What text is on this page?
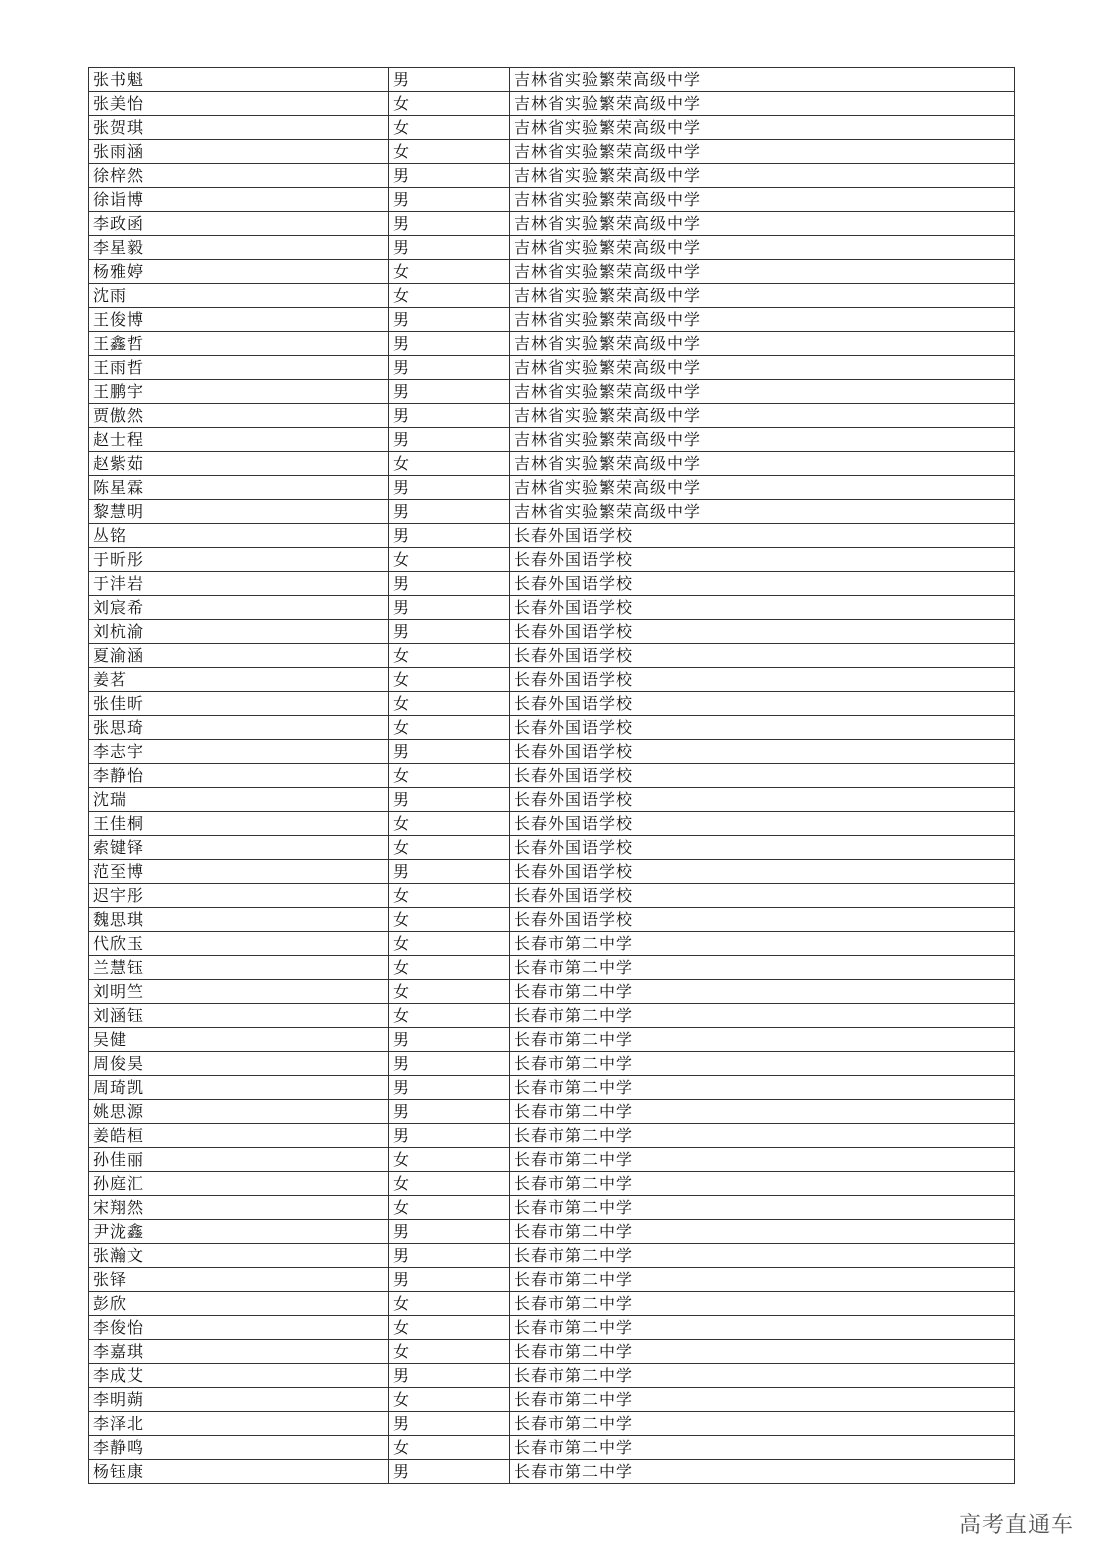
张书魁	男	吉林省实验繁荣高级中学
张美怡	女	吉林省实验繁荣高级中学
张贺琪	女	吉林省实验繁荣高级中学
张雨涵	女	吉林省实验繁荣高级中学
徐梓然	男	吉林省实验繁荣高级中学
徐诣博	男	吉林省实验繁荣高级中学
李政函	男	吉林省实验繁荣高级中学
李星毅	男	吉林省实验繁荣高级中学
杨雅婷	女	吉林省实验繁荣高级中学
沈雨	女	吉林省实验繁荣高级中学
王俊博	男	吉林省实验繁荣高级中学
王鑫哲	男	吉林省实验繁荣高级中学
王雨哲	男	吉林省实验繁荣高级中学
王鹏宇	男	吉林省实验繁荣高级中学
贾傲然	男	吉林省实验繁荣高级中学
赵士程	男	吉林省实验繁荣高级中学
赵紫茹	女	吉林省实验繁荣高级中学
陈星霖	男	吉林省实验繁荣高级中学
黎慧明	男	吉林省实验繁荣高级中学
丛铭	男	长春外国语学校
于昕彤	女	长春外国语学校
于沣岩	男	长春外国语学校
刘宸希	男	长春外国语学校
刘杭渝	男	长春外国语学校
夏渝涵	女	长春外国语学校
姜茗	女	长春外国语学校
张佳昕	女	长春外国语学校
张思琦	女	长春外国语学校
李志宇	男	长春外国语学校
李静怡	女	长春外国语学校
沈瑞	男	长春外国语学校
王佳桐	女	长春外国语学校
索键铎	女	长春外国语学校
范至博	男	长春外国语学校
迟宇彤	女	长春外国语学校
魏思琪	女	长春外国语学校
代欣玉	女	长春市第二中学
兰慧钰	女	长春市第二中学
刘明竺	女	长春市第二中学
刘涵钰	女	长春市第二中学
吴健	男	长春市第二中学
周俊昊	男	长春市第二中学
周琦凯	男	长春市第二中学
姚思源	男	长春市第二中学
姜皓桓	男	长春市第二中学
孙佳丽	女	长春市第二中学
孙庭汇	女	长春市第二中学
宋翔然	女	长春市第二中学
尹泷鑫	男	长春市第二中学
张瀚文	男	长春市第二中学
张铎	男	长春市第二中学
彭欣	女	长春市第二中学
李俊怡	女	长春市第二中学
李嘉琪	女	长春市第二中学
李成艾	男	长春市第二中学
李明蒴	女	长春市第二中学
李泽北	男	长春市第二中学
李静鸣	女	长春市第二中学
杨钰康	男	长春市第二中学
高考直通车
